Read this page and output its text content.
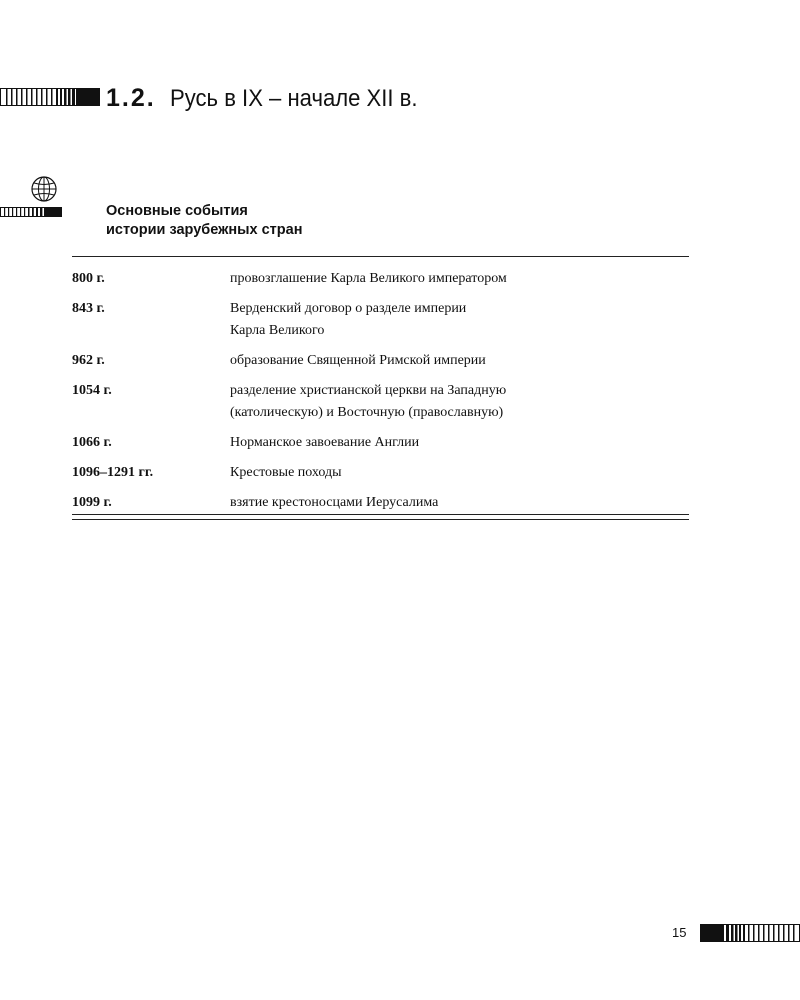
1.2. Русь в IX – начале XII в.
Основные события
истории зарубежных стран
800 г.	провозглашение Карла Великого императором
843 г.	Верденский договор о разделе империи
Карла Великого
962 г.	образование Священной Римской империи
1054 г.	разделение христианской церкви на Западную
(католическую) и Восточную (православную)
1066 г.	Норманское завоевание Англии
1096–1291 гг.	Крестовые походы
1099 г.	взятие крестоносцами Иерусалима
15
